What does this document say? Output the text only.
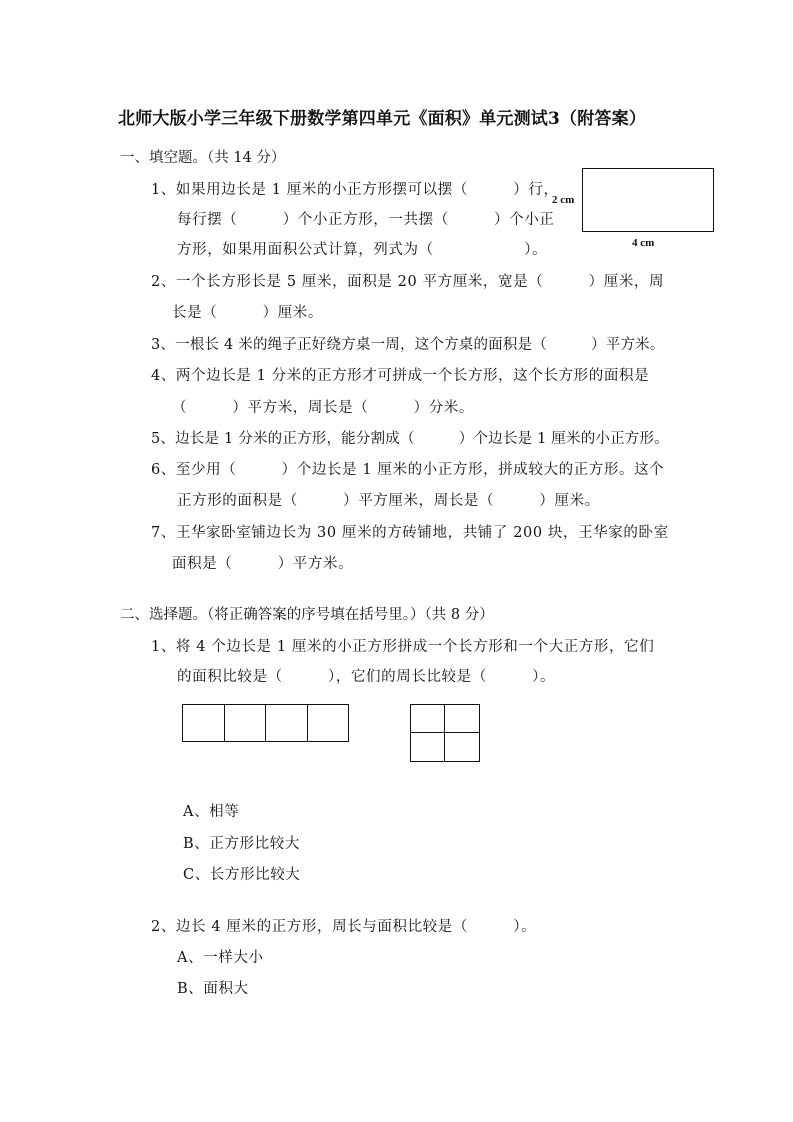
北师大版小学三年级下册数学第四单元《面积》单元测试3（附答案）
一、填空题。（共 14 分）
1、如果用边长是 1 厘米的小正方形摆可以摆（　　　）行，
每行摆（　　　）个小正方形，一共摆（　　　）个小正
方形，如果用面积公式计算，列式为（　　　　　　）。
2 cm
4 cm
2、一个长方形长是 5 厘米，面积是 20 平方厘米，宽是（　　　）厘米，周
长是（　　　）厘米。
3、一根长 4 米的绳子正好绕方桌一周，这个方桌的面积是（　　　）平方米。
4、两个边长是 1 分米的正方形才可拼成一个长方形，这个长方形的面积是
（　　　）平方米，周长是（　　　）分米。
5、边长是 1 分米的正方形，能分割成（　　　）个边长是 1 厘米的小正方形。
6、至少用（　　　）个边长是 1 厘米的小正方形，拼成较大的正方形。这个
正方形的面积是（　　　）平方厘米，周长是（　　　）厘米。
7、王华家卧室铺边长为 30 厘米的方砖铺地，共铺了 200 块，王华家的卧室
面积是（　　　）平方米。
二、选择题。（将正确答案的序号填在括号里。）（共 8 分）
1、将 4 个边长是 1 厘米的小正方形拼成一个长方形和一个大正方形，它们
的面积比较是（　　　），它们的周长比较是（　　　）。
A、相等
B、正方形比较大
C、长方形比较大
2、边长 4 厘米的正方形，周长与面积比较是（　　　）。
A、一样大小
B、面积大
